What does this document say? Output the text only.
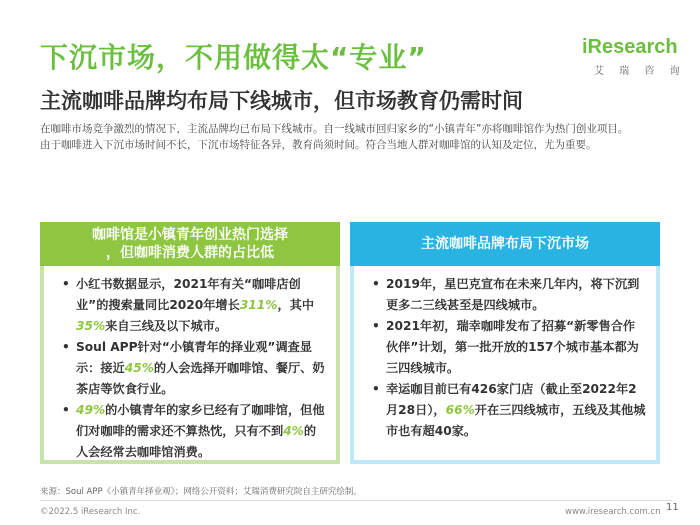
下沉市场，不用做得太“专业”
主流咖啡品牌均布局下线城市，但市场教育仍需时间
iResearch
艾 瑞 咨 询

在咖啡市场竞争激烈的情况下，主流品牌均已布局下线城市。自一线城市回归家乡的“小镇青年”亦将咖啡馆作为热门创业项目。

由于咖啡进入下沉市场时间不长，下沉市场特征各异，教育尚须时间。符合当地人群对咖啡馆的认知及定位，尤为重要。

咖啡馆是小镇青年创业热门选择
，但咖啡消费人群的占比低
• 小红书数据显示，2021年有关“咖啡店创业”的搜索量同比2020年增长311%，其中35%来自三线及以下城市。
• Soul APP针对“小镇青年的择业观”调查显示：接近45%的人会选择开咖啡馆、餐厅、奶茶店等饮食行业。
• 49%的小镇青年的家乡已经有了咖啡馆，但他们对咖啡的需求还不算热忱，只有不到4%的人会经常去咖啡馆消费。
主流咖啡品牌布局下沉市场
• 2019年，星巴克宣布在未来几年内，将下沉到更多二三线甚至是四线城市。
• 2021年初，瑞幸咖啡发布了招募“新零售合作伙伴”计划，第一批开放的157个城市基本都为三四线城市。
• 幸运咖目前已有426家门店（截止至2022年2月28日），66%开在三四线城市，五线及其他城市也有超40家。
来源：Soul APP《小镇青年择业观》；网络公开资料；艾瑞消费研究院自主研究绘制。
©2022.5 iResearch Inc.	www.iresearch.com.cn 11
